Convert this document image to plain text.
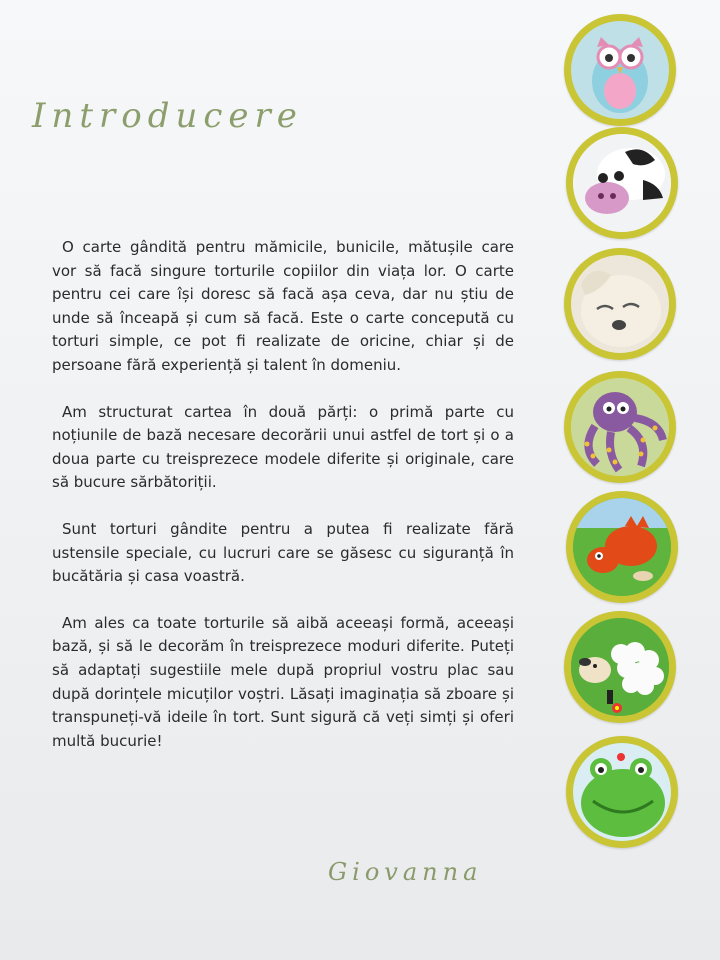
Introducere

O carte gândită pentru mămicile, bunicile, mătușile care vor să facă singure torturile copiilor din viața lor. O carte pentru cei care își doresc să facă așa ceva, dar nu știu de unde să înceapă și cum să facă. Este o carte concepută cu torturi simple, ce pot fi realizate de oricine, chiar și de persoane fără experiență și talent în domeniu.

Am structurat cartea în două părți: o primă parte cu noțiunile de bază necesare decorării unui astfel de tort și o a doua parte cu treisprezece modele diferite și originale, care să bucure sărbătoriții.

Sunt torturi gândite pentru a putea fi realizate fără ustensile speciale, cu lucruri care se găsesc cu siguranță în bucătăria și casa voastră.

Am ales ca toate torturile să aibă aceeași formă, aceeași bază, și să le decorăm în treisprezece moduri diferite. Puteți să adaptați sugestiile mele după propriul vostru plac sau după dorințele micuților voștri. Lăsați imaginația să zboare și transpuneți-vă ideile în tort. Sunt sigură că veți simți și oferi multă bucurie!

Giovanna
